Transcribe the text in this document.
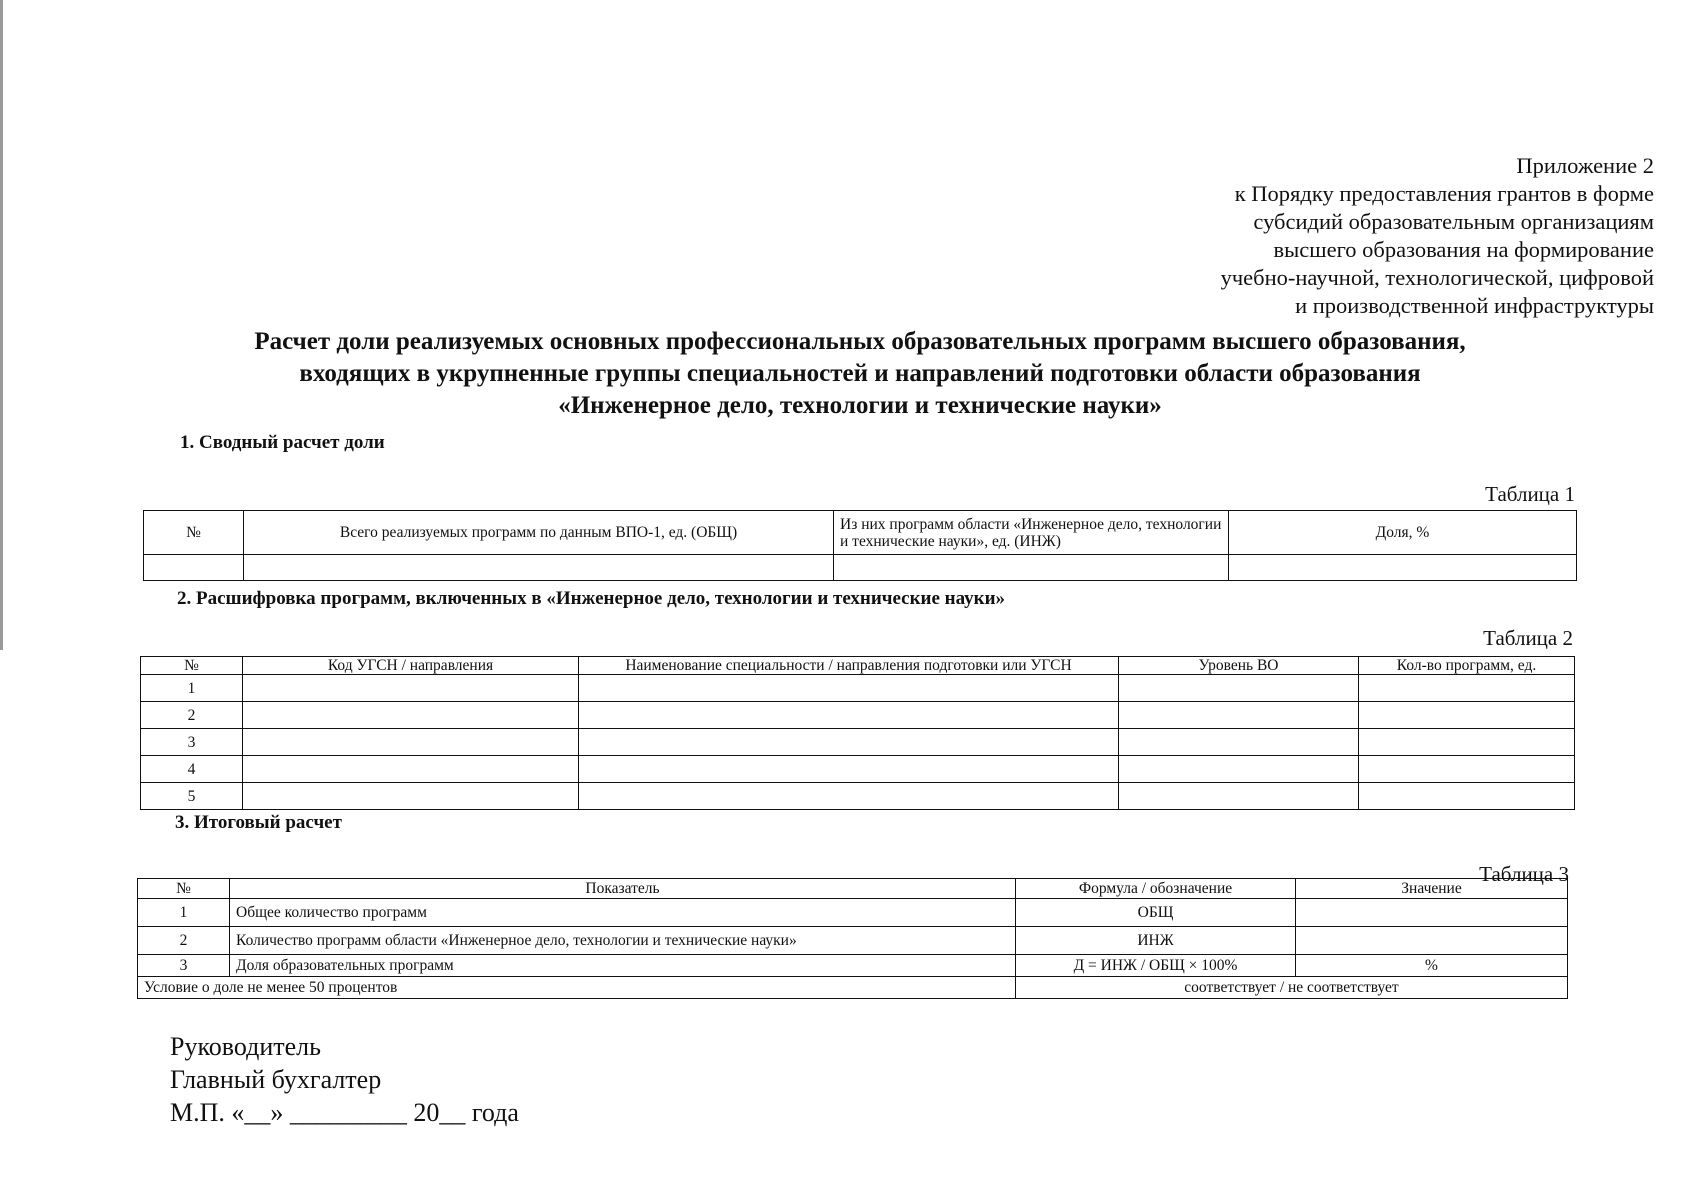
Приложение 2
к Порядку предоставления грантов в форме
субсидий образовательным организациям
высшего образования на формирование
учебно-научной, технологической, цифровой
и производственной инфраструктуры
Расчет доли реализуемых основных профессиональных образовательных программ высшего образования,
входящих в укрупненные группы специальностей и направлений подготовки области образования
«Инженерное дело, технологии и технические науки»
1. Сводный расчет доли
Таблица 1
№	Всего реализуемых программ по данным ВПО-1, ед. (ОБЩ)	Из них программ области «Инженерное дело, технологии и технические науки», ед. (ИНЖ)	Доля, %

2. Расшифровка программ, включенных в «Инженерное дело, технологии и технические науки»
Таблица 2
№	Код УГСН / направления	Наименование специальности / направления подготовки или УГСН	Уровень ВО	Кол-во программ, ед.
1				
2				
3				
4				
5				
3. Итоговый расчет
Таблица 3
№	Показатель	Формула / обозначение	Значение
1	Общее количество программ	ОБЩ	
2	Количество программ области «Инженерное дело, технологии и технические науки»	ИНЖ	
3	Доля образовательных программ	Д = ИНЖ / ОБЩ × 100%	%
Условие о доле не менее 50 процентов		соответствует / не соответствует	
Руководитель
Главный бухгалтер
М.П. «__» _________ 20__ года
